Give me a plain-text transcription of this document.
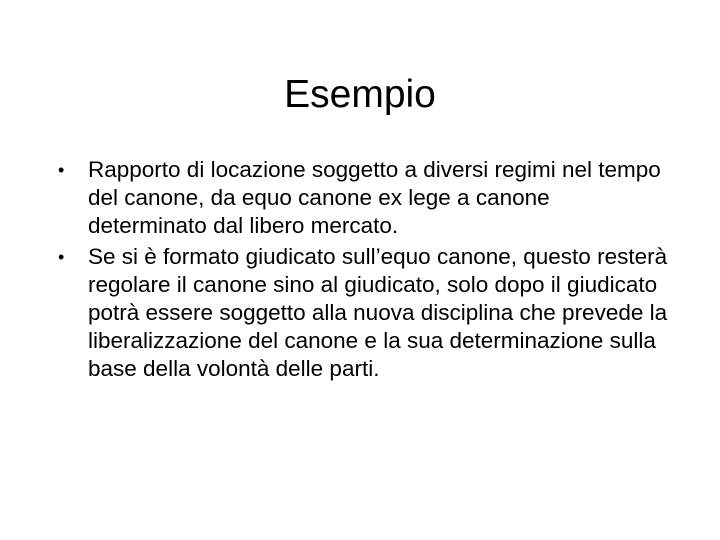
Esempio
•	Rapporto di locazione soggetto a diversi regimi nel tempo del canone, da equo canone ex lege a canone determinato dal libero mercato.
•	Se si è formato giudicato sull’equo canone, questo resterà regolare il canone sino al giudicato, solo dopo il giudicato potrà essere soggetto alla nuova disciplina che prevede la liberalizzazione del canone e la sua determinazione sulla base della volontà delle parti.
